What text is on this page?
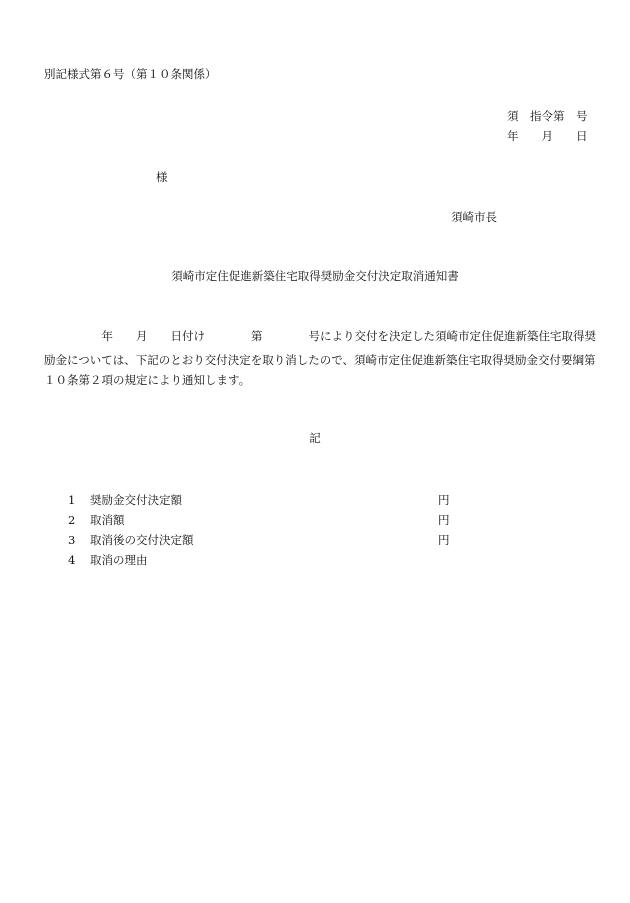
別記様式第６号（第１０条関係）
須　指令第　号
年　　月　　日
様
須崎市長
須崎市定住促進新築住宅取得奨励金交付決定取消通知書
　　　　　年　　月　　日付け　　　　第　　　　号により交付を決定した須崎市定住促進新築住宅取得奨
励金については、下記のとおり交付決定を取り消したので、須崎市定住促進新築住宅取得奨励金交付要綱第
１０条第２項の規定により通知します。
記
1 奨励金交付決定額	円
2 取消額	円
3 取消後の交付決定額	円
4 取消の理由
